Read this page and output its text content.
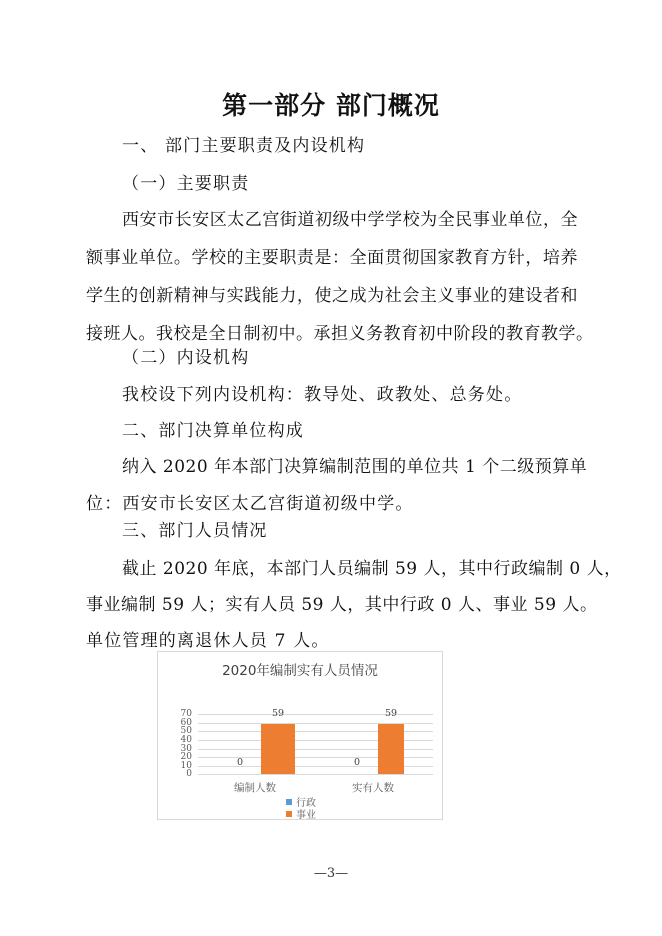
第一部分 部门概况
一、 部门主要职责及内设机构
（一）主要职责
西安市长安区太乙宫街道初级中学学校为全民事业单位，全
额事业单位。学校的主要职责是：全面贯彻国家教育方针，培养
学生的创新精神与实践能力，使之成为社会主义事业的建设者和
接班人。我校是全日制初中。承担义务教育初中阶段的教育教学。
（二）内设机构
我校设下列内设机构：教导处、政教处、总务处。
二、部门决算单位构成
纳入 2020 年本部门决算编制范围的单位共 1 个二级预算单
位：西安市长安区太乙宫街道初级中学。
三、部门人员情况
截止 2020 年底，本部门人员编制 59 人，其中行政编制 0 人，
事业编制 59 人；实有人员 59 人，其中行政 0 人、事业 59 人。
单位管理的离退休人员 7 人。
2020年编制实有人员情况
70
60
50
40
30
20
10
0
0
59
编制人数
0
59
实有人数
行政
事业
—3—
